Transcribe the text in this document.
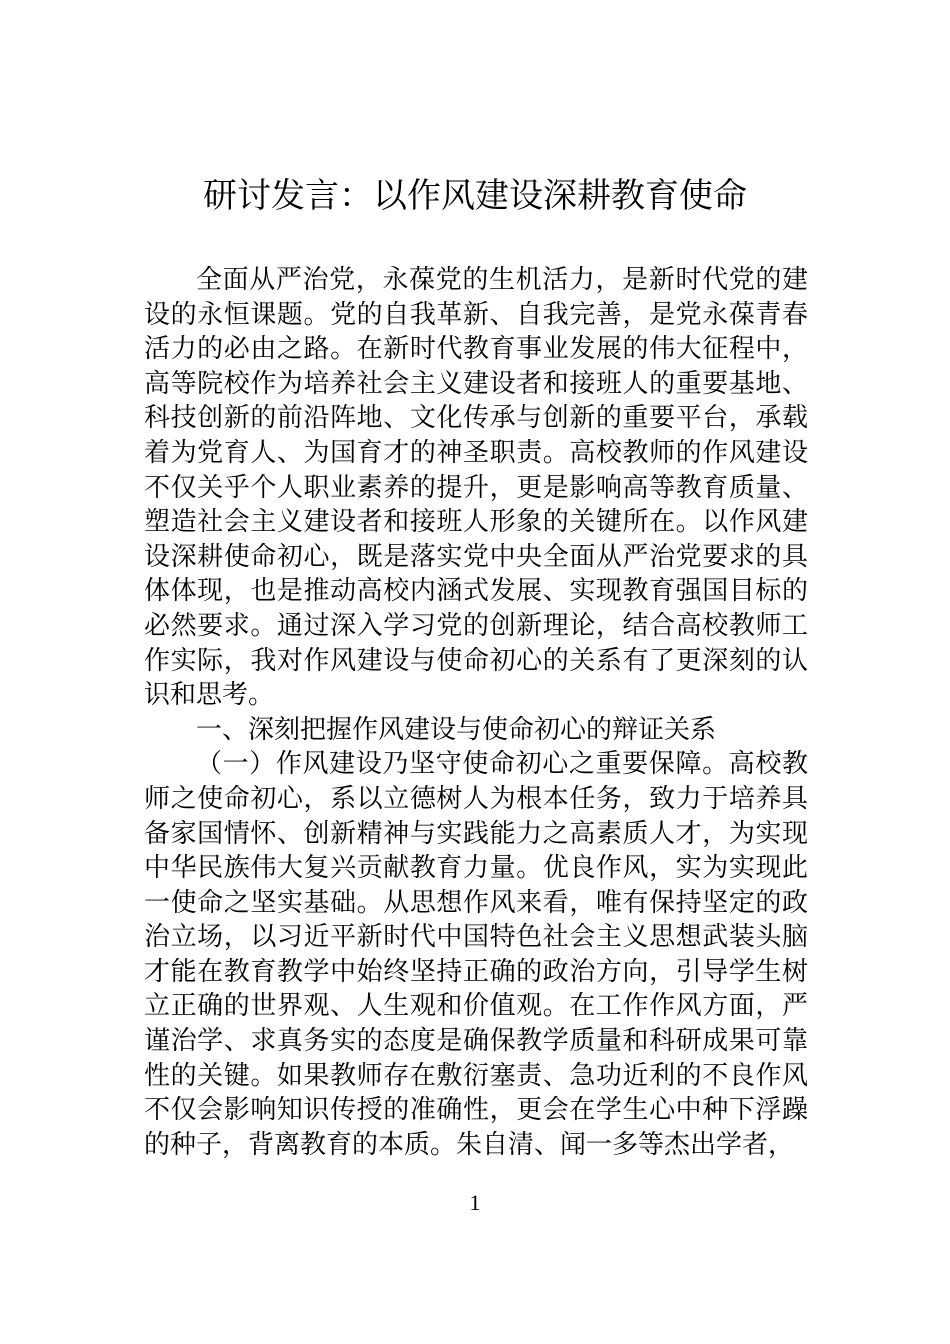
研讨发言：以作风建设深耕教育使命

全面从严治党，永葆党的生机活力，是新时代党的建设的永恒课题。党的自我革新、自我完善，是党永葆青春活力的必由之路。在新时代教育事业发展的伟大征程中，高等院校作为培养社会主义建设者和接班人的重要基地、科技创新的前沿阵地、文化传承与创新的重要平台，承载着为党育人、为国育才的神圣职责。高校教师的作风建设不仅关乎个人职业素养的提升，更是影响高等教育质量、塑造社会主义建设者和接班人形象的关键所在。以作风建设深耕使命初心，既是落实党中央全面从严治党要求的具体体现，也是推动高校内涵式发展、实现教育强国目标的必然要求。通过深入学习党的创新理论，结合高校教师工作实际，我对作风建设与使命初心的关系有了更深刻的认识和思考。

一、深刻把握作风建设与使命初心的辩证关系

（一）作风建设乃坚守使命初心之重要保障。高校教师之使命初心，系以立德树人为根本任务，致力于培养具备家国情怀、创新精神与实践能力之高素质人才，为实现中华民族伟大复兴贡献教育力量。优良作风，实为实现此一使命之坚实基础。从思想作风来看，唯有保持坚定的政治立场，以习近平新时代中国特色社会主义思想武装头脑才能在教育教学中始终坚持正确的政治方向，引导学生树立正确的世界观、人生观和价值观。在工作作风方面，严谨治学、求真务实的态度是确保教学质量和科研成果可靠性的关键。如果教师存在敷衍塞责、急功近利的不良作风不仅会影响知识传授的准确性，更会在学生心中种下浮躁的种子，背离教育的本质。朱自清、闻一多等杰出学者，

1
